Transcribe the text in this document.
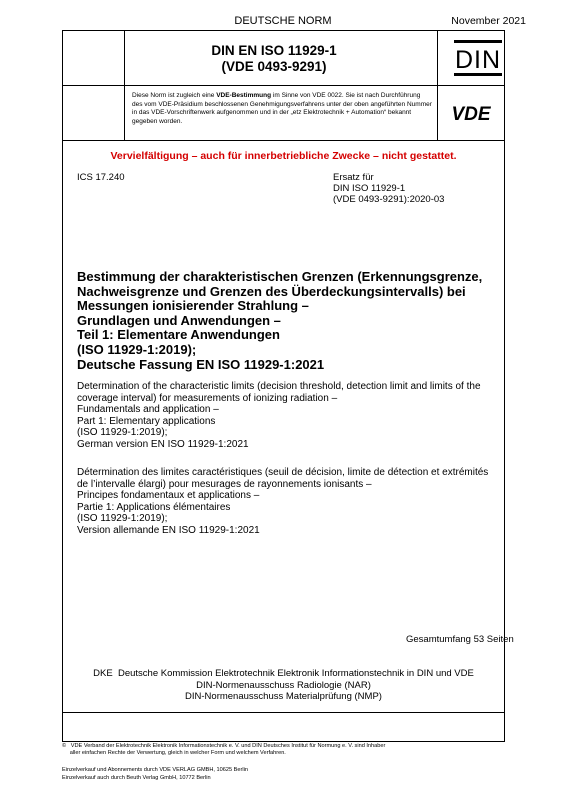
DEUTSCHE NORM	November 2021
DIN EN ISO 11929-1
(VDE 0493-9291)	DIN
Diese Norm ist zugleich eine VDE-Bestimmung im Sinne von VDE 0022. Sie ist nach Durchführung des vom VDE-Präsidium beschlossenen Genehmigungsverfahrens unter der oben angeführten Nummer in das VDE-Vorschriftenwerk aufgenommen und in der „etz Elektrotechnik + Automation“ bekannt gegeben worden.	VDE
Vervielfältigung – auch für innerbetriebliche Zwecke – nicht gestattet.
ICS 17.240	Ersatz für
DIN ISO 11929-1
(VDE 0493-9291):2020-03
Bestimmung der charakteristischen Grenzen (Erkennungsgrenze,
Nachweisgrenze und Grenzen des Überdeckungsintervalls) bei
Messungen ionisierender Strahlung –
Grundlagen und Anwendungen –
Teil 1: Elementare Anwendungen
(ISO 11929-1:2019);
Deutsche Fassung EN ISO 11929-1:2021
Determination of the characteristic limits (decision threshold, detection limit and limits of the
coverage interval) for measurements of ionizing radiation –
Fundamentals and application –
Part 1: Elementary applications
(ISO 11929-1:2019);
German version EN ISO 11929-1:2021
Détermination des limites caractéristiques (seuil de décision, limite de détection et extrémités
de l’intervalle élargi) pour mesurages de rayonnements ionisants –
Principes fondamentaux et applications –
Partie 1: Applications élémentaires
(ISO 11929-1:2019);
Version allemande EN ISO 11929-1:2021
Gesamtumfang 53 Seiten
DKE  Deutsche Kommission Elektrotechnik Elektronik Informationstechnik in DIN und VDE
DIN-Normenausschuss Radiologie (NAR)
DIN-Normenausschuss Materialprüfung (NMP)
©   VDE Verband der Elektrotechnik Elektronik Informationstechnik e. V. und DIN Deutsches Institut für Normung e. V. sind Inhaber
aller einfachen Rechte der Verwertung, gleich in welcher Form und welchem Verfahren.
Einzelverkauf und Abonnements durch VDE VERLAG GMBH, 10625 Berlin
Einzelverkauf auch durch Beuth Verlag GmbH, 10772 Berlin
